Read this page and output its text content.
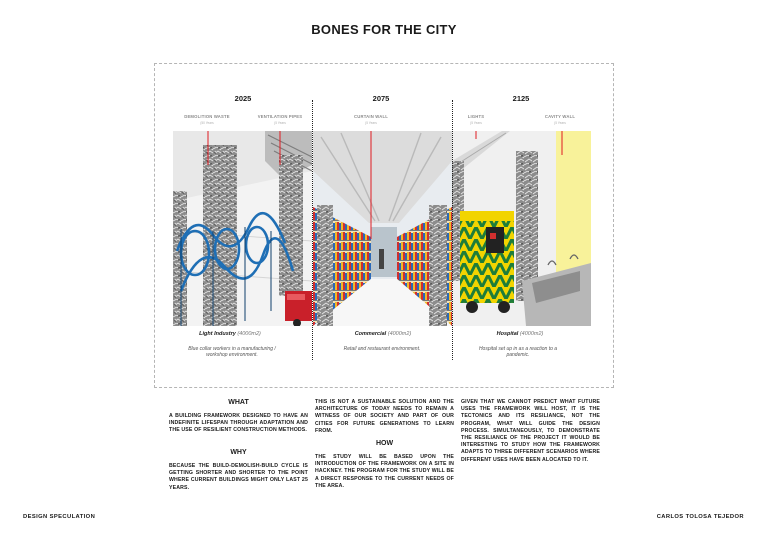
BONES FOR THE CITY
2025	2075	2125
DEMOLITION WASTE
(50 Years
VENTILATION PIPES
(5 Years
CURTAIN WALL
(5 Years
LIGHTS
(5 Years
CAVITY WALL
(5 Years
Light Industry (4000m2)	Commercial (4000m2)	Hospital (4000m2)
Blue collar workers in a manufacturing / workshop environment.
Retail and restaurant environment.	Hospital set up in as a reaction to a pandemic.
WHAT
A BUILDING FRAMEWORK DESIGNED TO HAVE AN INDEFINITE LIFESPAN THROUGH ADAPTATION AND THE USE OF RESILIENT CONSTRUCTION METHODS.
WHY
BECAUSE THE BUILD-DEMOLISH-BUILD CYCLE IS GETTING SHORTER AND SHORTER TO THE POINT WHERE CURRENT BUILDINGS MIGHT ONLY LAST 25 YEARS.
THIS IS NOT A SUSTAINABLE SOLUTION AND THE ARCHITECTURE OF TODAY NEEDS TO REMAIN A WITNESS OF OUR SOCIETY AND PART OF OUR CITIES FOR FUTURE GENERATIONS TO LEARN FROM.
HOW
THE STUDY WILL BE BASED UPON THE INTRODUCTION OF THE FRAMEWORK ON A SITE IN HACKNEY. THE PROGRAM FOR THE STUDY WILL BE A DIRECT RESPONSE TO THE CURRENT NEEDS OF THE AREA.
GIVEN THAT WE CANNOT PREDICT WHAT FUTURE USES THE FRAMEWORK WILL HOST, IT IS THE TECTONICS AND ITS RESILIANCE, NOT THE PROGRAM, WHAT WILL GUIDE THE DESIGN PROCESS. SIMULTANEOUSLY, TO DEMONSTRATE THE RESILIANCE OF THE PROJECT IT WOULD BE INTERESTING TO STUDY HOW THE FRAMEWORK ADAPTS TO THREE DIFFERENT SCENARIOS WHERE DIFFERENT USES HAVE BEEN ALOCATED TO IT.
DESIGN SPECULATION	CARLOS TOLOSA TEJEDOR
